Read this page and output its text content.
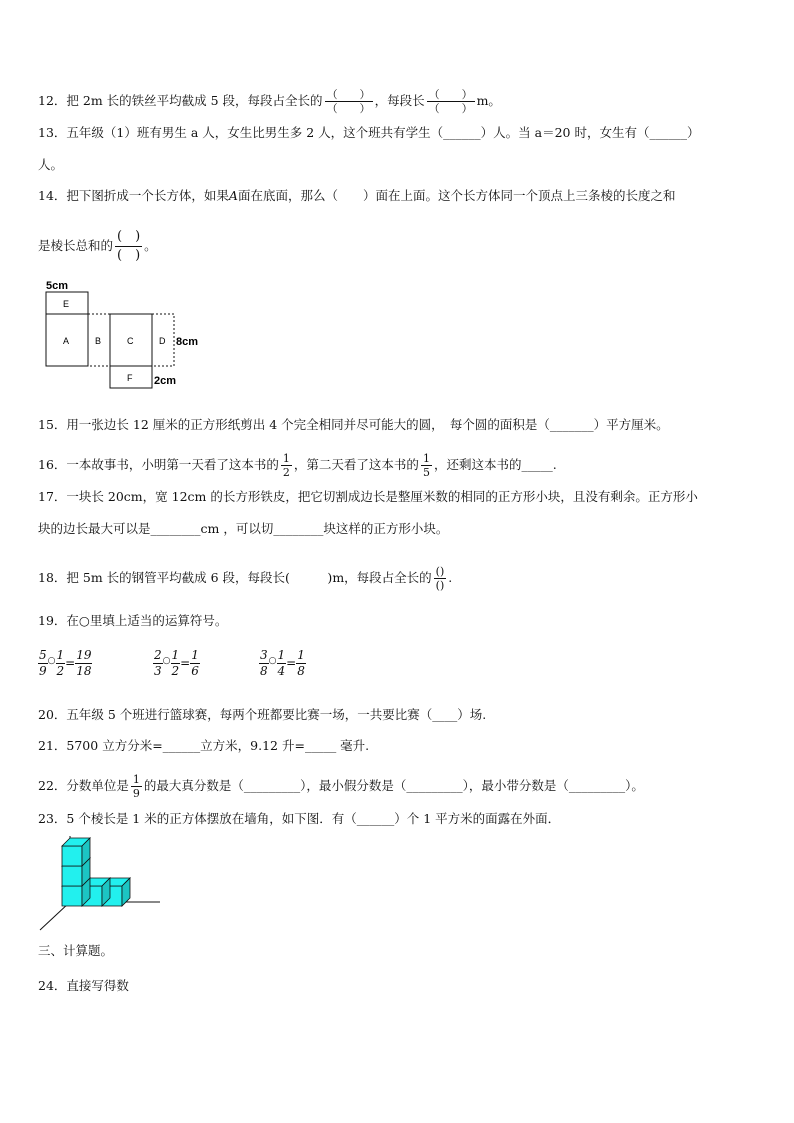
12．把 2m 长的铁丝平均截成 5 段，每段占全长的 $\frac{( )}{( )}$ ，每段长 $\frac{( )}{( )}$ m。
13．五年级（1）班有男生 a 人，女生比男生多 2 人，这个班共有学生（______）人。当 a＝20 时，女生有（______）
人。
14．把下图折成一个长方体，如果A面在底面，那么（　　）面在上面。这个长方体同一个顶点上三条棱的长度之和
是棱长总和的 $\frac{( )}{( )}$ 。
5cm
E
A	B	C	D 8cm
F 2cm
15．用一张边长 12 厘米的正方形纸剪出 4 个完全相同并尽可能大的圆，　每个圆的面积是（_______）平方厘米。
16．一本故事书，小明第一天看了这本书的 $\frac{1}{2}$ ，第二天看了这本书的 $\frac{1}{5}$ ，还剩这本书的_____.
17．一块长 20cm，宽 12cm 的长方形铁皮，把它切割成边长是整厘米数的相同的正方形小块，且没有剩余。正方形小
块的边长最大可以是________cm ，可以切________块这样的正方形小块。
18．把 5m 长的钢管平均截成 6 段，每段长(　　　)m，每段占全长的 $\frac{()}{()}$ .
19．在○里填上适当的运算符号。
$\frac{5}{9}$ ○ $\frac{1}{2} = \frac{19}{18}$	$\frac{2}{3}$ ○ $\frac{1}{2} = \frac{1}{6}$	$\frac{3}{8}$ ○ $\frac{1}{4} = \frac{1}{8}$
20．五年级 5 个班进行篮球赛，每两个班都要比赛一场，一共要比赛（____）场.
21．5700 立方分米=______立方米，9.12 升=_____ 毫升.
22．分数单位是 $\frac{1}{9}$ 的最大真分数是（_________），最小假分数是（_________），最小带分数是（_________）。
23．5 个棱长是 1 米的正方体摆放在墙角，如下图．有（______）个 1 平方米的面露在外面．
三、计算题。
24．直接写得数
